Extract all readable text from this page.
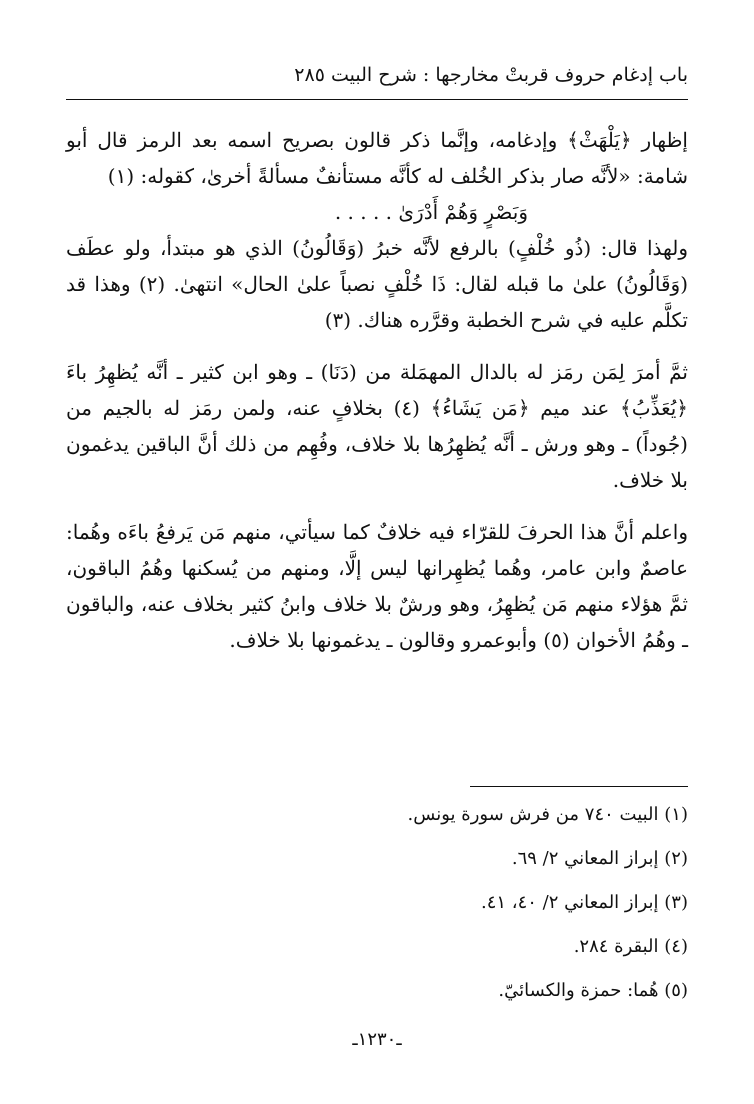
باب إدغام حروف قربتْ مخارجها : شرح البيت ٢٨٥

إظهار ﴿يَلْهَثْ﴾ وإدغامه، وإنَّما ذكر قالون بصريح اسمه بعد الرمز قال أبو شامة: «لأنَّه صار بذكر الخُلف له كأنَّه مستأنفٌ مسألةً أخرىٰ، كقوله: (١)

وَبَصْرٍ وَهُمْ أَدْرَىٰ . . . . .

ولهذا قال: (ذُو خُلْفٍ) بالرفع لأنَّه خبرُ (وَقَالُونُ) الذي هو مبتدأ، ولو عطَف (وَقَالُونُ) علىٰ ما قبله لقال: ذَا خُلْفٍ نصباً علىٰ الحال» انتهىٰ. (٢) وهذا قد تكلَّم عليه في شرح الخطبة وقرَّره هناك. (٣)

ثمَّ أمرَ لِمَن رمَز له بالدال المهمَلة من (دَنَا) ـ وهو ابن كثير ـ أنَّه يُظهِرُ باءَ ﴿يُعَذِّبُ﴾ عند ميم ﴿مَن يَشَاءُ﴾ (٤) بخلافٍ عنه، ولمن رمَز له بالجيم من (جُوداً) ـ وهو ورش ـ أنَّه يُظهِرُها بلا خلاف، وفُهِم من ذلك أنَّ الباقين يدغمون بلا خلاف.

واعلم أنَّ هذا الحرفَ للقرّاء فيه خلافٌ كما سيأتي، منهم مَن يَرفعُ باءَه وهُما: عاصمٌ وابن عامر، وهُما يُظهِرانها ليس إلَّا، ومنهم من يُسكنها وهُمُ الباقون، ثمَّ هؤلاء منهم مَن يُظهِرُ، وهو ورشٌ بلا خلاف وابنُ كثير بخلاف عنه، والباقون ـ وهُمُ الأخوان (٥) وأبوعمرو وقالون ـ يدغمونها بلا خلاف.

(١) البيت ٧٤٠ من فرش سورة يونس.

(٢) إبراز المعاني ٢/ ٦٩.

(٣) إبراز المعاني ٢/ ٤٠، ٤١.

(٤) البقرة ٢٨٤.

(٥) هُما: حمزة والكسائيّ.

ـ١٢٣٠ـ
